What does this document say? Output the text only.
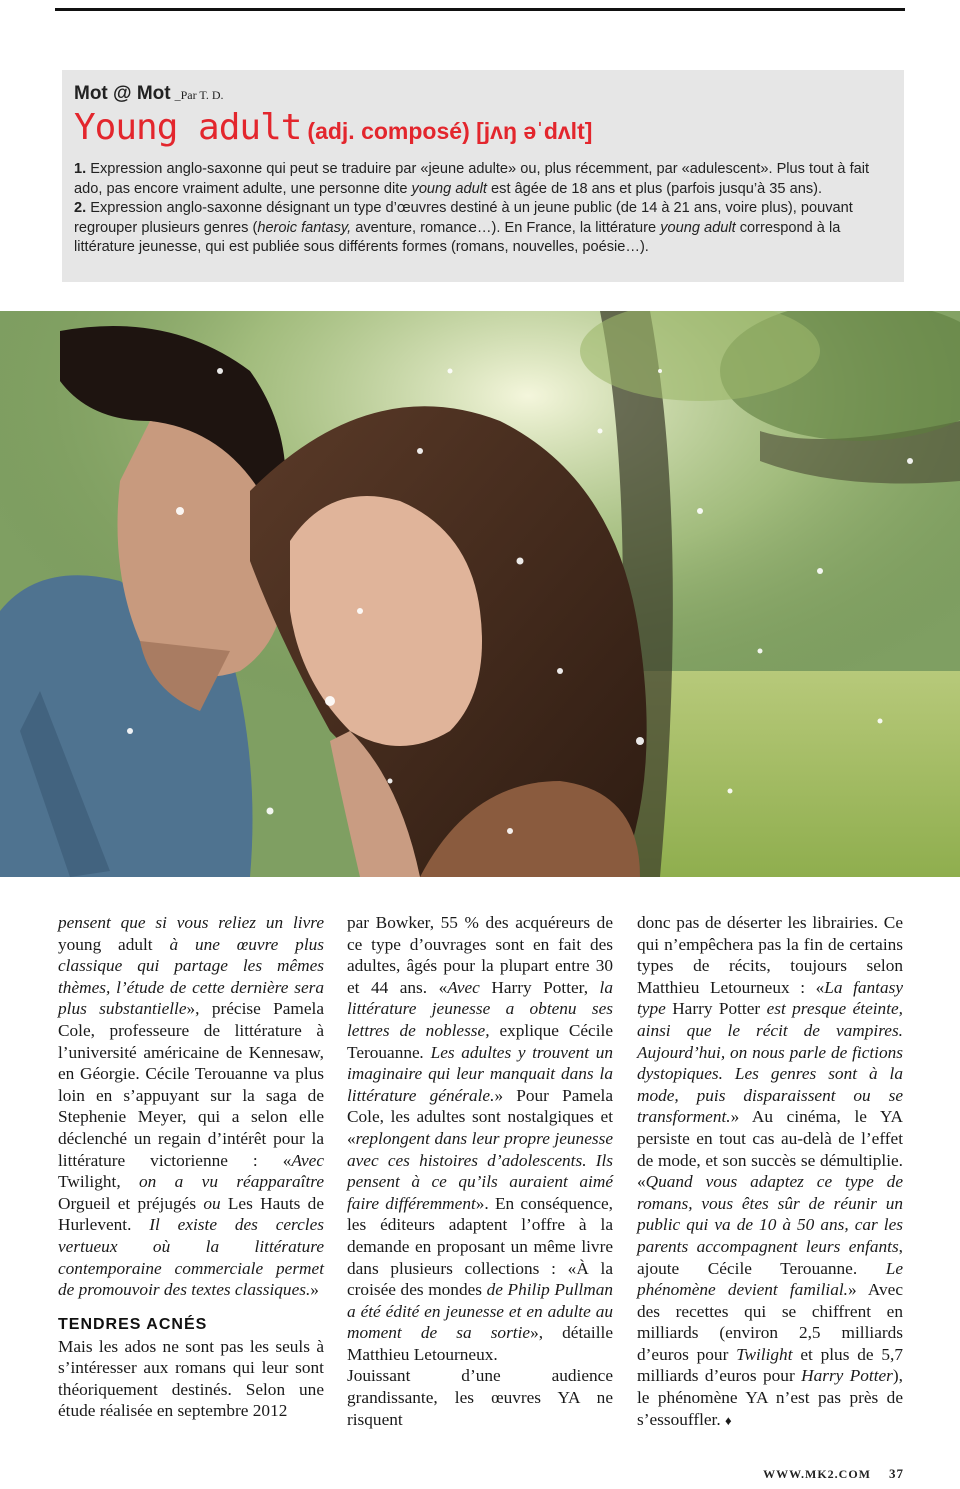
Mot @ Mot _Par T. D.
Young adult (adj. composé) [jʌŋ əˈdʌlt]

1. Expression anglo-saxonne qui peut se traduire par «jeune adulte» ou, plus récemment, par «adulescent». Plus tout à fait ado, pas encore vraiment adulte, une personne dite young adult est âgée de 18 ans et plus (parfois jusqu’à 35 ans).

2. Expression anglo-saxonne désignant un type d’œuvres destiné à un jeune public (de 14 à 21 ans, voire plus), pouvant regrouper plusieurs genres (heroic fantasy, aventure, romance…). En France, la littérature young adult correspond à la littérature jeunesse, qui est publiée sous différents formes (romans, nouvelles, poésie…).

pensent que si vous reliez un livre young adult à une œuvre plus classique qui partage les mêmes thèmes, l’étude de cette dernière sera plus substantielle», précise Pamela Cole, professeure de littérature à l’université américaine de Kennesaw, en Géorgie. Cécile Terouanne va plus loin en s’appuyant sur la saga de Stephenie Meyer, qui a selon elle déclenché un regain d’intérêt pour la littérature victorienne : «Avec Twilight, on a vu réapparaître Orgueil et préjugés ou Les Hauts de Hurlevent. Il existe des cercles vertueux où la littérature contemporaine commerciale permet de promouvoir des textes classiques.»

TENDRES ACNÉS

Mais les ados ne sont pas les seuls à s’intéresser aux romans qui leur sont théoriquement destinés. Selon une étude réalisée en septembre 2012

par Bowker, 55 % des acquéreurs de ce type d’ouvrages sont en fait des adultes, âgés pour la plupart entre 30 et 44 ans. «Avec Harry Potter, la littérature jeunesse a obtenu ses lettres de noblesse, explique Cécile Terouanne. Les adultes y trouvent un imaginaire qui leur manquait dans la littérature générale.» Pour Pamela Cole, les adultes sont nostalgiques et «replongent dans leur propre jeunesse avec ces histoires d’adolescents. Ils pensent à ce qu’ils auraient aimé faire différemment». En conséquence, les éditeurs adaptent l’offre à la demande en proposant un même livre dans plusieurs collections : «À la croisée des mondes de Philip Pullman a été édité en jeunesse et en adulte au moment de sa sortie», détaille Matthieu Letourneux.

Jouissant d’une audience grandissante, les œuvres YA ne risquent

donc pas de déserter les librairies. Ce qui n’empêchera pas la fin de certains types de récits, toujours selon Matthieu Letourneux : «La fantasy type Harry Potter est presque éteinte, ainsi que le récit de vampires. Aujourd’hui, on nous parle de fictions dystopiques. Les genres sont à la mode, puis disparaissent ou se transforment.» Au cinéma, le YA persiste en tout cas au-delà de l’effet de mode, et son succès se démultiplie. «Quand vous adaptez ce type de romans, vous êtes sûr de réunir un public qui va de 10 à 50 ans, car les parents accompagnent leurs enfants, ajoute Cécile Terouanne. Le phénomène devient familial.» Avec des recettes qui se chiffrent en milliards (environ 2,5 milliards d’euros pour Twilight et plus de 5,7 milliards d’euros pour Harry Potter), le phénomène YA n’est pas près de s’essouffler. ♦

WWW.MK2.COM 37
